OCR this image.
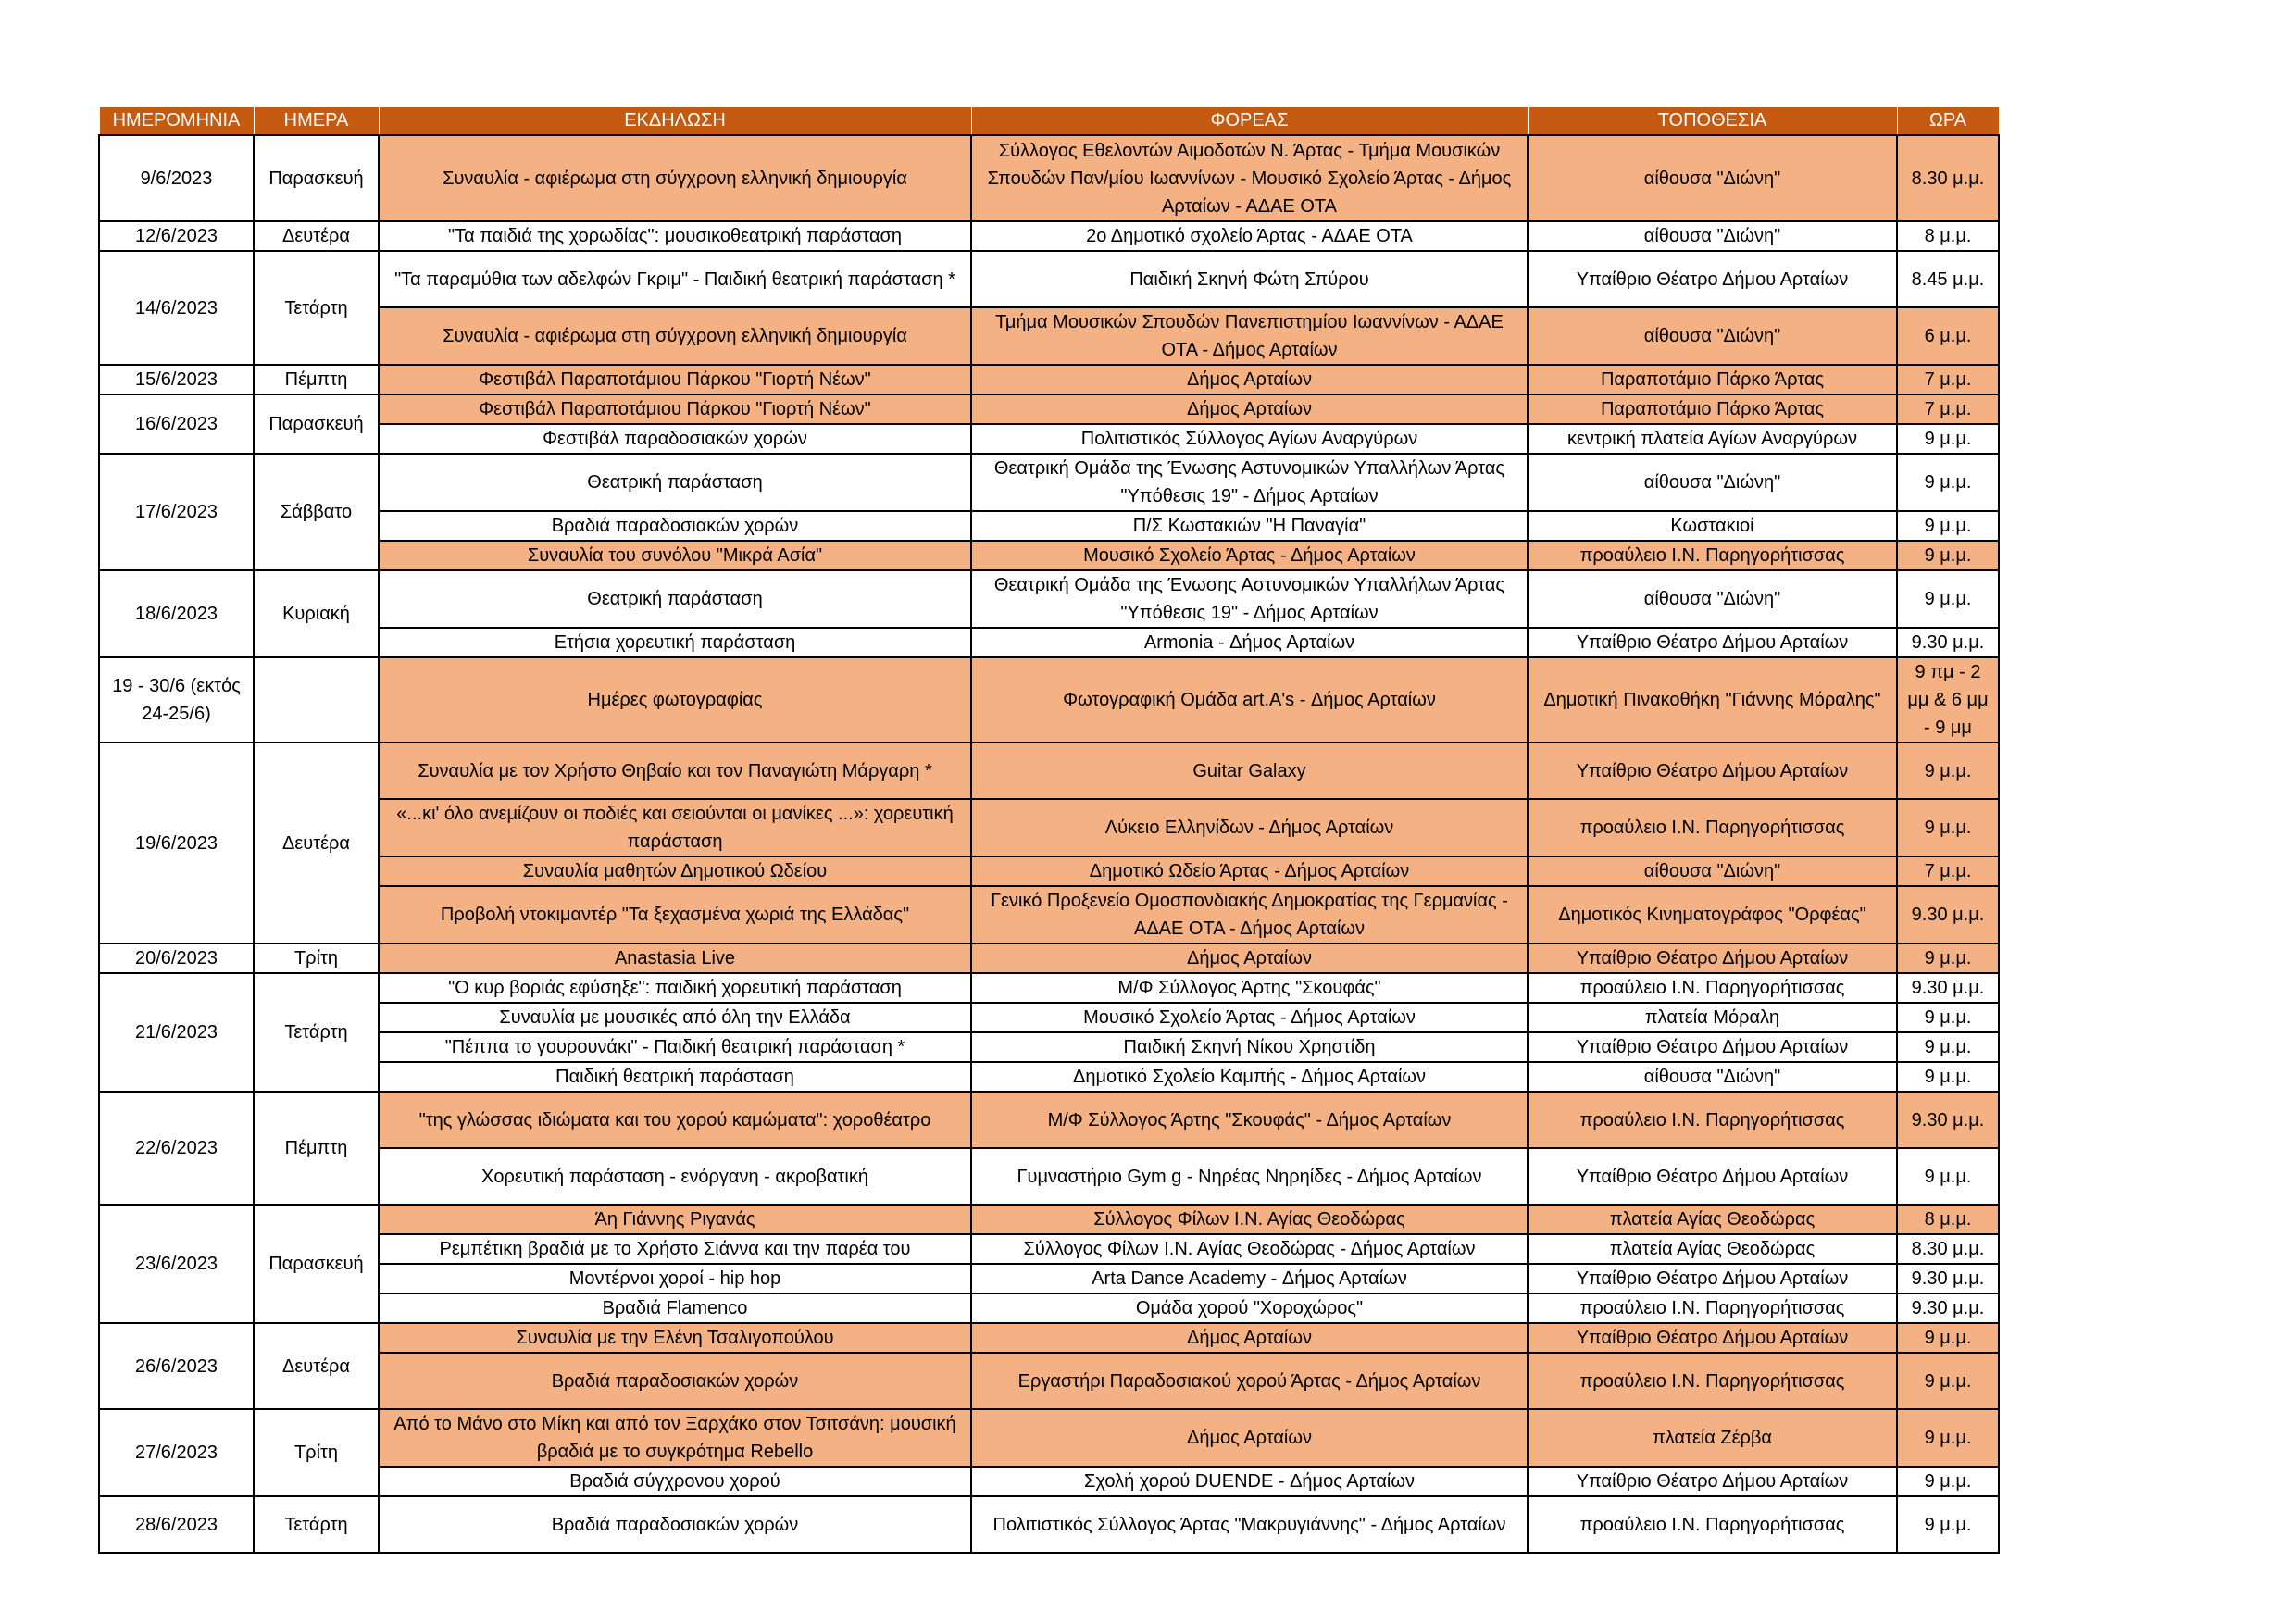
ΗΜΕΡΟΜΗΝΙΑ	ΗΜΕΡΑ	ΕΚΔΗΛΩΣΗ	ΦΟΡΕΑΣ	ΤΟΠΟΘΕΣΙΑ	ΩΡΑ
9/6/2023	Παρασκευή	Συναυλία - αφιέρωμα στη σύγχρονη ελληνική δημιουργία	Σύλλογος Εθελοντών Αιμοδοτών Ν. Άρτας - Τμήμα Μουσικών Σπουδών Παν/μίου Ιωαννίνων - Μουσικό Σχολείο Άρτας - Δήμος Αρταίων - ΑΔΑΕ ΟΤΑ	αίθουσα "Διώνη"	8.30 μ.μ.
12/6/2023	Δευτέρα	"Τα παιδιά της χορωδίας": μουσικοθεατρική παράσταση	2ο Δημοτικό σχολείο Άρτας - ΑΔΑΕ ΟΤΑ	αίθουσα "Διώνη"	8 μ.μ.
14/6/2023	Τετάρτη	"Τα παραμύθια των αδελφών Γκριμ" - Παιδική θεατρική παράσταση *	Παιδική Σκηνή Φώτη Σπύρου	Υπαίθριο Θέατρο Δήμου Αρταίων	8.45 μ.μ.
		Συναυλία - αφιέρωμα στη σύγχρονη ελληνική δημιουργία	Τμήμα Μουσικών Σπουδών Πανεπιστημίου Ιωαννίνων - ΑΔΑΕ ΟΤΑ - Δήμος Αρταίων	αίθουσα "Διώνη"	6 μ.μ.
15/6/2023	Πέμπτη	Φεστιβάλ Παραποτάμιου Πάρκου "Γιορτή Νέων"	Δήμος Αρταίων	Παραποτάμιο Πάρκο Άρτας	7 μ.μ.
16/6/2023	Παρασκευή	Φεστιβάλ Παραποτάμιου Πάρκου "Γιορτή Νέων"	Δήμος Αρταίων	Παραποτάμιο Πάρκο Άρτας	7 μ.μ.
		Φεστιβάλ παραδοσιακών χορών	Πολιτιστικός Σύλλογος Αγίων Αναργύρων	κεντρική πλατεία Αγίων Αναργύρων	9 μ.μ.
17/6/2023	Σάββατο	Θεατρική παράσταση	Θεατρική Ομάδα της Ένωσης Αστυνομικών Υπαλλήλων Άρτας "Υπόθεσις 19" - Δήμος Αρταίων	αίθουσα "Διώνη"	9 μ.μ.
		Βραδιά παραδοσιακών χορών	Π/Σ Κωστακιών "Η Παναγία"	Κωστακιοί	9 μ.μ.
		Συναυλία του συνόλου "Μικρά Ασία"	Μουσικό Σχολείο Άρτας - Δήμος Αρταίων	προαύλειο Ι.Ν. Παρηγορήτισσας	9 μ.μ.
18/6/2023	Κυριακή	Θεατρική παράσταση	Θεατρική Ομάδα της Ένωσης Αστυνομικών Υπαλλήλων Άρτας "Υπόθεσις 19" - Δήμος Αρταίων	αίθουσα "Διώνη"	9 μ.μ.
		Ετήσια χορευτική παράσταση	Armonia - Δήμος Αρταίων	Υπαίθριο Θέατρο Δήμου Αρταίων	9.30 μ.μ.
19 - 30/6 (εκτός 24-25/6)		Ημέρες φωτογραφίας	Φωτογραφική Ομάδα art.A's - Δήμος Αρταίων	Δημοτική Πινακοθήκη "Γιάννης Μόραλης"	9 πμ - 2 μμ & 6 μμ - 9 μμ
19/6/2023	Δευτέρα	Συναυλία με τον Χρήστο Θηβαίο και τον Παναγιώτη Μάργαρη *	Guitar Galaxy	Υπαίθριο Θέατρο Δήμου Αρταίων	9 μ.μ.
		«...κι' όλο ανεμίζουν οι ποδιές και σειούνται οι μανίκες ...»: χορευτική παράσταση	Λύκειο Ελληνίδων - Δήμος Αρταίων	προαύλειο Ι.Ν. Παρηγορήτισσας	9 μ.μ.
		Συναυλία μαθητών Δημοτικού Ωδείου	Δημοτικό Ωδείο Άρτας - Δήμος Αρταίων	αίθουσα "Διώνη"	7 μ.μ.
		Προβολή ντοκιμαντέρ "Τα ξεχασμένα χωριά της Ελλάδας"	Γενικό Προξενείο Ομοσπονδιακής Δημοκρατίας της Γερμανίας - ΑΔΑΕ ΟΤΑ - Δήμος Αρταίων	Δημοτικός Κινηματογράφος "Ορφέας"	9.30 μ.μ.
20/6/2023	Τρίτη	Anastasia Live	Δήμος Αρταίων	Υπαίθριο Θέατρο Δήμου Αρταίων	9 μ.μ.
21/6/2023	Τετάρτη	"Ο κυρ βοριάς εφύσηξε": παιδική χορευτική παράσταση	Μ/Φ Σύλλογος Άρτης "Σκουφάς"	προαύλειο Ι.Ν. Παρηγορήτισσας	9.30 μ.μ.
		Συναυλία με μουσικές από όλη την Ελλάδα	Μουσικό Σχολείο Άρτας - Δήμος Αρταίων	πλατεία Μόραλη	9 μ.μ.
		"Πέππα το γουρουνάκι" - Παιδική θεατρική παράσταση *	Παιδική Σκηνή Νίκου Χρηστίδη	Υπαίθριο Θέατρο Δήμου Αρταίων	9 μ.μ.
		Παιδική θεατρική παράσταση	Δημοτικό Σχολείο Καμπής - Δήμος Αρταίων	αίθουσα "Διώνη"	9 μ.μ.
22/6/2023	Πέμπτη	"της γλώσσας ιδιώματα και του χορού καμώματα": χοροθέατρο	Μ/Φ Σύλλογος Άρτης "Σκουφάς" - Δήμος Αρταίων	προαύλειο Ι.Ν. Παρηγορήτισσας	9.30 μ.μ.
		Χορευτική παράσταση - ενόργανη - ακροβατική	Γυμναστήριο Gym g - Νηρέας Νηρηίδες - Δήμος Αρταίων	Υπαίθριο Θέατρο Δήμου Αρταίων	9 μ.μ.
23/6/2023	Παρασκευή	Άη Γιάννης Ριγανάς	Σύλλογος Φίλων Ι.Ν. Αγίας Θεοδώρας	πλατεία Αγίας Θεοδώρας	8 μ.μ.
		Ρεμπέτικη βραδιά με το Χρήστο Σιάννα και την παρέα του	Σύλλογος Φίλων Ι.Ν. Αγίας Θεοδώρας - Δήμος Αρταίων	πλατεία Αγίας Θεοδώρας	8.30 μ.μ.
		Μοντέρνοι χοροί - hip hop	Arta Dance Academy - Δήμος Αρταίων	Υπαίθριο Θέατρο Δήμου Αρταίων	9.30 μ.μ.
		Βραδιά Flamenco	Ομάδα χορού "Χοροχώρος"	προαύλειο Ι.Ν. Παρηγορήτισσας	9.30 μ.μ.
26/6/2023	Δευτέρα	Συναυλία με την Ελένη Τσαλιγοπούλου	Δήμος Αρταίων	Υπαίθριο Θέατρο Δήμου Αρταίων	9 μ.μ.
		Βραδιά παραδοσιακών χορών	Εργαστήρι Παραδοσιακού χορού Άρτας - Δήμος Αρταίων	προαύλειο Ι.Ν. Παρηγορήτισσας	9 μ.μ.
27/6/2023	Τρίτη	Από το Μάνο στο Μίκη και από τον Ξαρχάκο στον Τσιτσάνη: μουσική βραδιά με το συγκρότημα Rebello	Δήμος Αρταίων	πλατεία Ζέρβα	9 μ.μ.
		Βραδιά σύγχρονου χορού	Σχολή χορού DUENDE - Δήμος Αρταίων	Υπαίθριο Θέατρο Δήμου Αρταίων	9 μ.μ.
28/6/2023	Τετάρτη	Βραδιά παραδοσιακών χορών	Πολιτιστικός Σύλλογος Άρτας "Μακρυγιάννης" - Δήμος Αρταίων	προαύλειο Ι.Ν. Παρηγορήτισσας	9 μ.μ.
